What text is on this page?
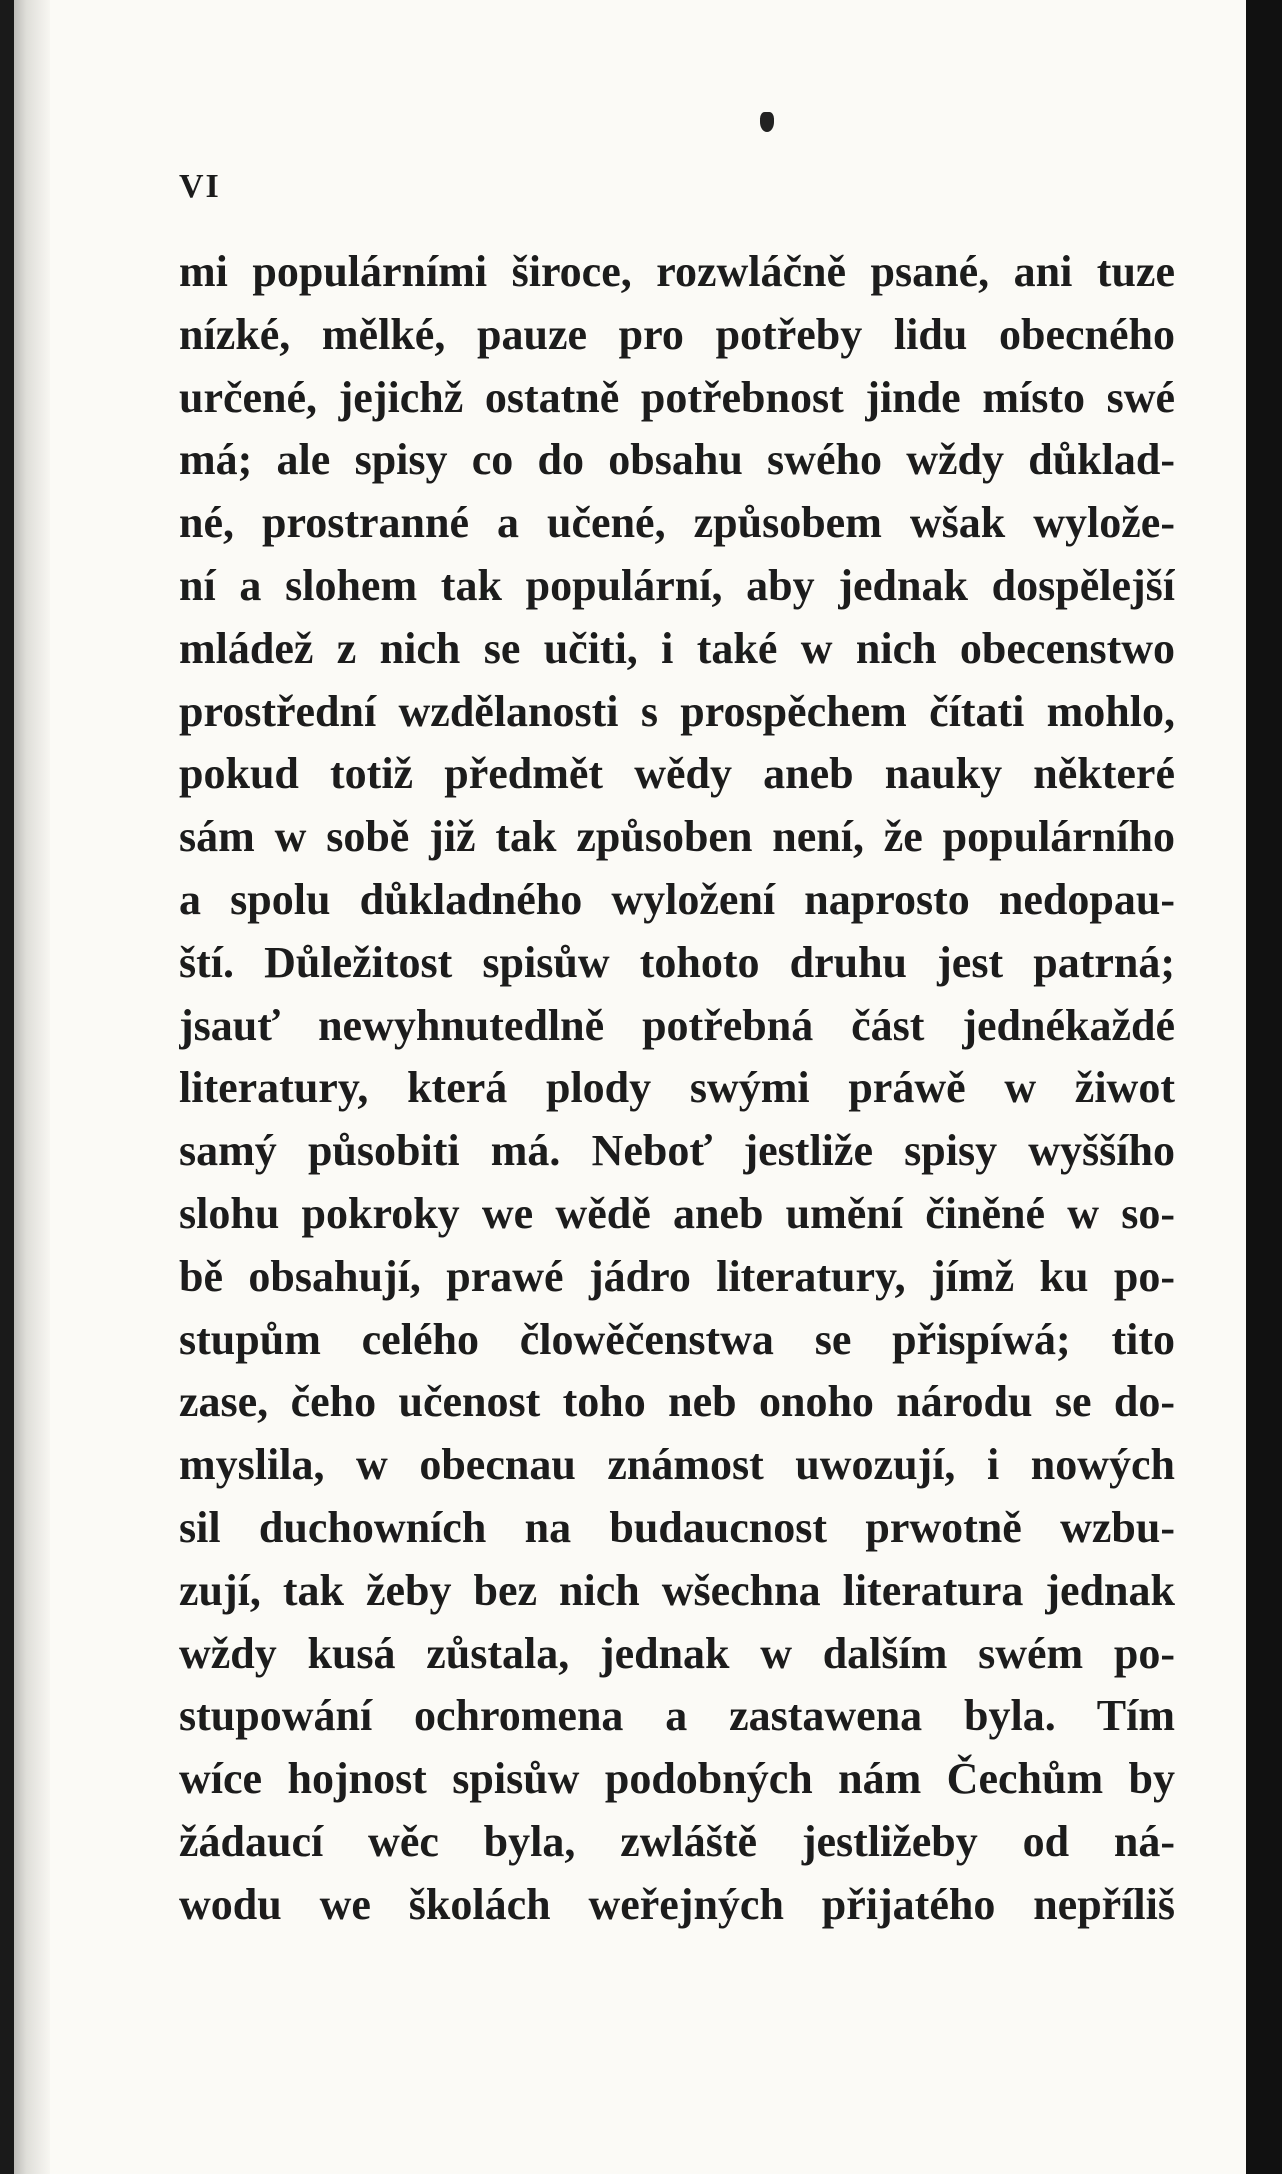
VI
mi populárními široce, rozwláčně psané, ani tuze
nízké, mělké, pauze pro potřeby lidu obecného
určené, jejichž ostatně potřebnost jinde místo swé
má; ale spisy co do obsahu swého wždy důklad-
né, prostranné a učené, způsobem wšak wylože-
ní a slohem tak populární, aby jednak dospělejší
mládež z nich se učiti, i také w nich obecenstwo
prostřední wzdělanosti s prospěchem čítati mohlo,
pokud totiž předmět wědy aneb nauky některé
sám w sobě již tak způsoben není, že populárního
a spolu důkladného wyložení naprosto nedopau-
ští. Důležitost spisůw tohoto druhu jest patrná;
jsauť newyhnutedlně potřebná část jednékaždé
literatury, která plody swými práwě w žiwot
samý působiti má. Neboť jestliže spisy wyššího
slohu pokroky we wědě aneb umění činěné w so-
bě obsahují, prawé jádro literatury, jímž ku po-
stupům celého člowěčenstwa se přispíwá; tito
zase, čeho učenost toho neb onoho národu se do-
myslila, w obecnau známost uwozují, i nowých
sil duchowních na budaucnost prwotně wzbu-
zují, tak žeby bez nich wšechna literatura jednak
wždy kusá zůstala, jednak w dalším swém po-
stupowání ochromena a zastawena byla. Tím
wíce hojnost spisůw podobných nám Čechům by
žádaucí wěc byla, zwláště jestližeby od ná-
wodu we školách weřejných přijatého nepříliš
